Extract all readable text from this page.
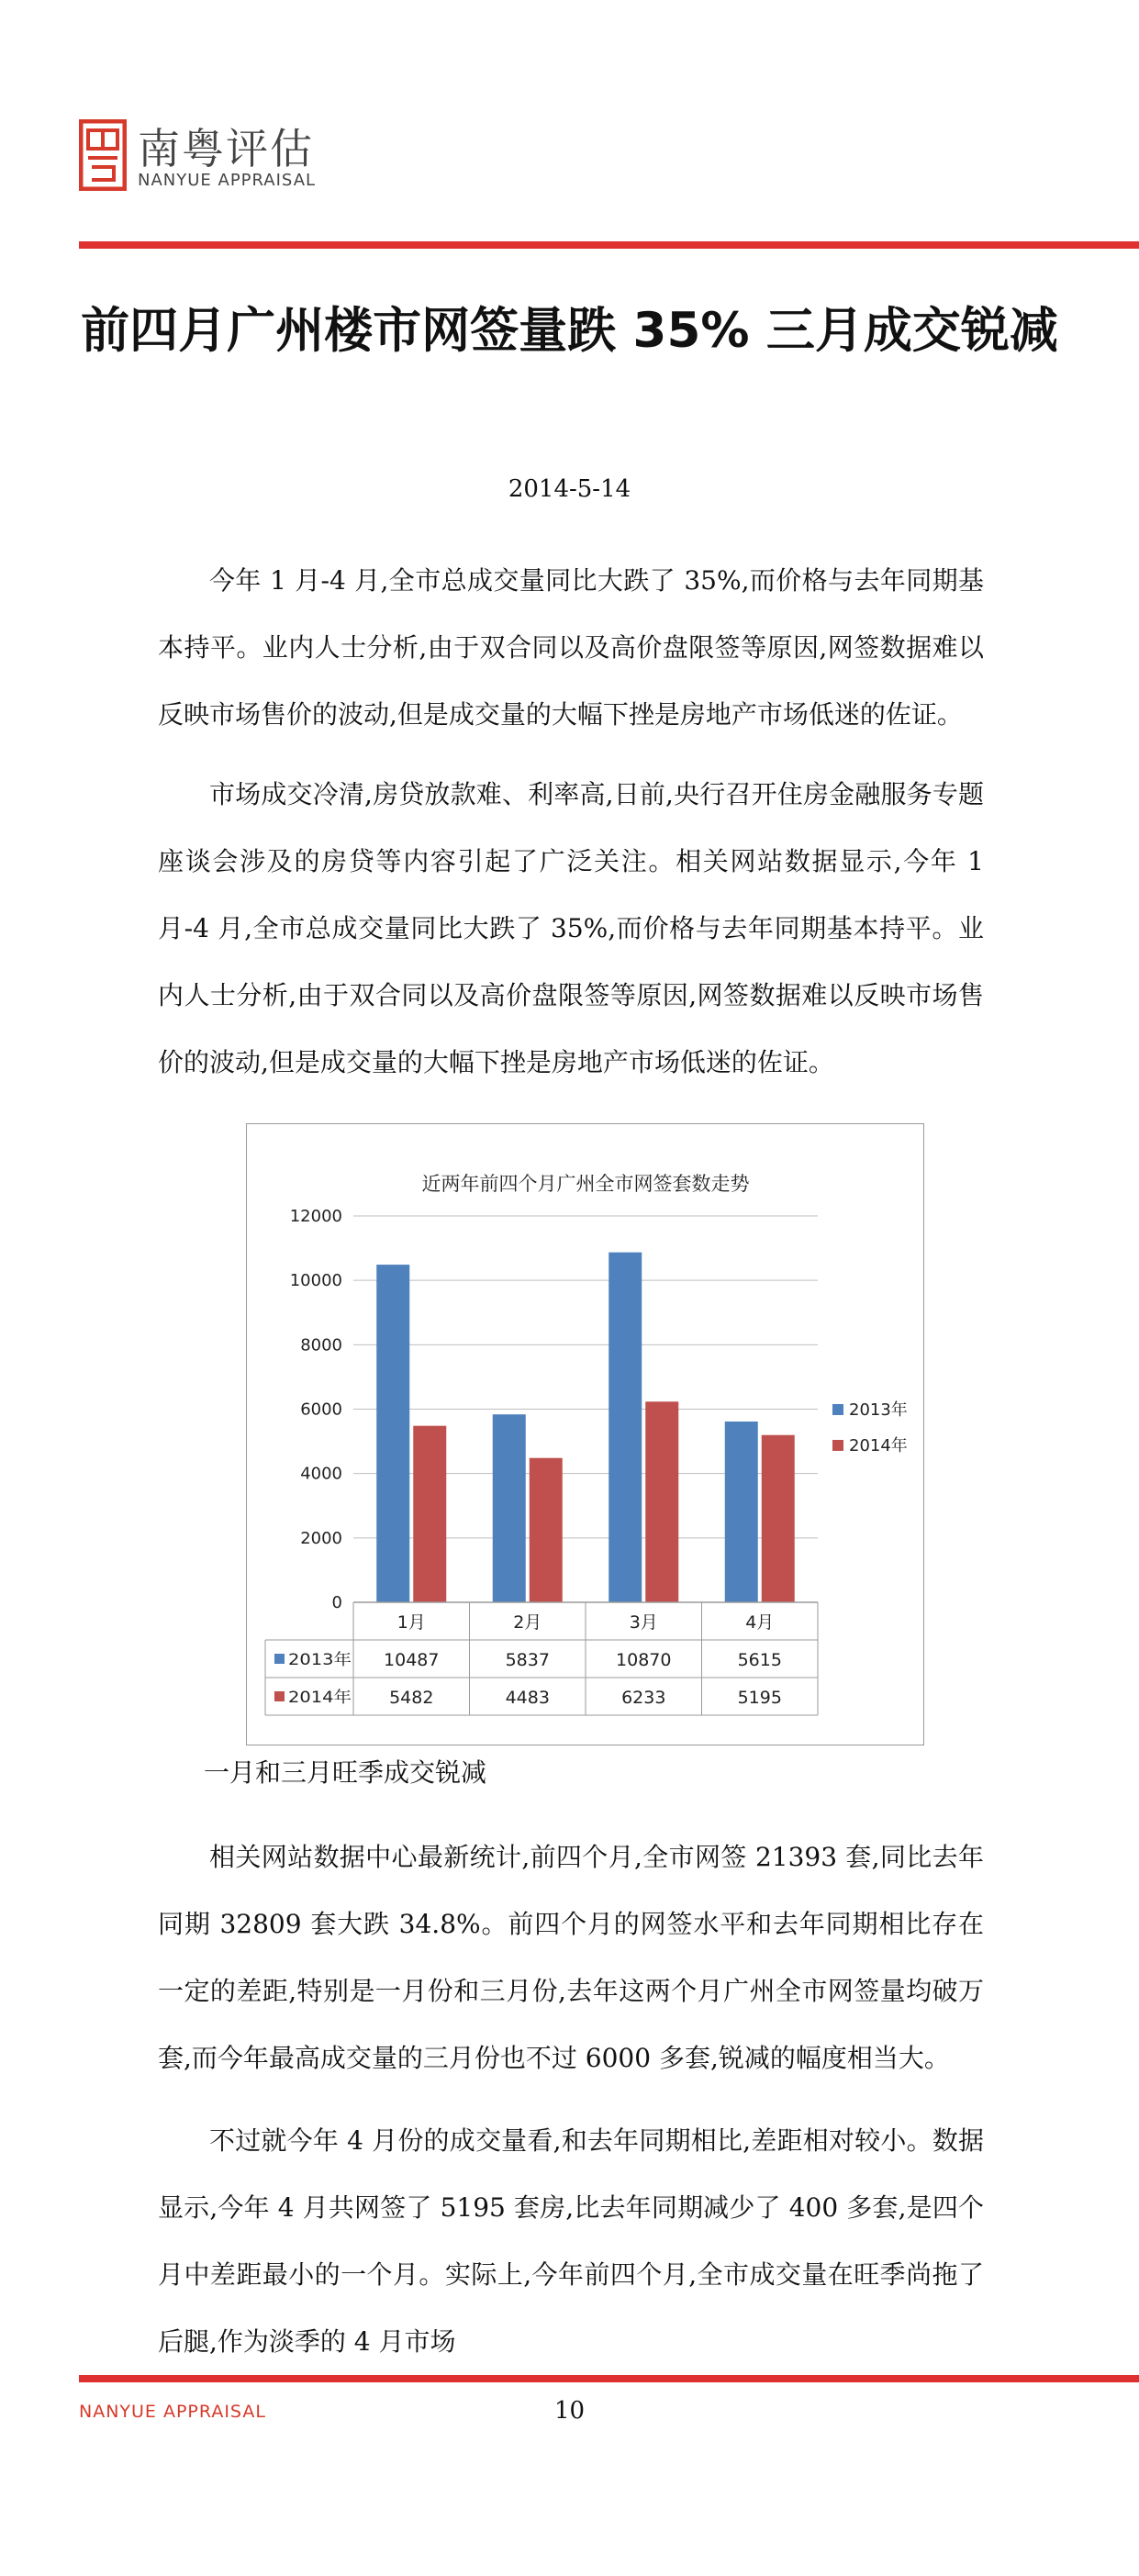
南粤评估
NANYUE APPRAISAL
前四月广州楼市网签量跌 35% 三月成交锐减
2014-5-14

今年 1 月-4 月,全市总成交量同比大跌了 35%,而价格与去年同期基本持平。业内人士分析,由于双合同以及高价盘限签等原因,网签数据难以反映市场售价的波动,但是成交量的大幅下挫是房地产市场低迷的佐证。

市场成交冷清,房贷放款难、利率高,日前,央行召开住房金融服务专题座谈会涉及的房贷等内容引起了广泛关注。相关网站数据显示,今年 1 月-4 月,全市总成交量同比大跌了 35%,而价格与去年同期基本持平。业内人士分析,由于双合同以及高价盘限签等原因,网签数据难以反映市场售价的波动,但是成交量的大幅下挫是房地产市场低迷的佐证。

近两年前四个月广州全市网签套数走势
0
2000
4000
6000
8000
10000
12000
1月
10487
5482
2月
5837
4483
3月
10870
6233
4月
5615
5195
2013年
2014年
2013年
2014年
一月和三月旺季成交锐减

相关网站数据中心最新统计,前四个月,全市网签 21393 套,同比去年同期 32809 套大跌 34.8%。前四个月的网签水平和去年同期相比存在一定的差距,特别是一月份和三月份,去年这两个月广州全市网签量均破万套,而今年最高成交量的三月份也不过 6000 多套,锐减的幅度相当大。

不过就今年 4 月份的成交量看,和去年同期相比,差距相对较小。数据显示,今年 4 月共网签了 5195 套房,比去年同期减少了 400 多套,是四个月中差距最小的一个月。实际上,今年前四个月,全市成交量在旺季尚拖了后腿,作为淡季的 4 月市场

NANYUE APPRAISAL	10
